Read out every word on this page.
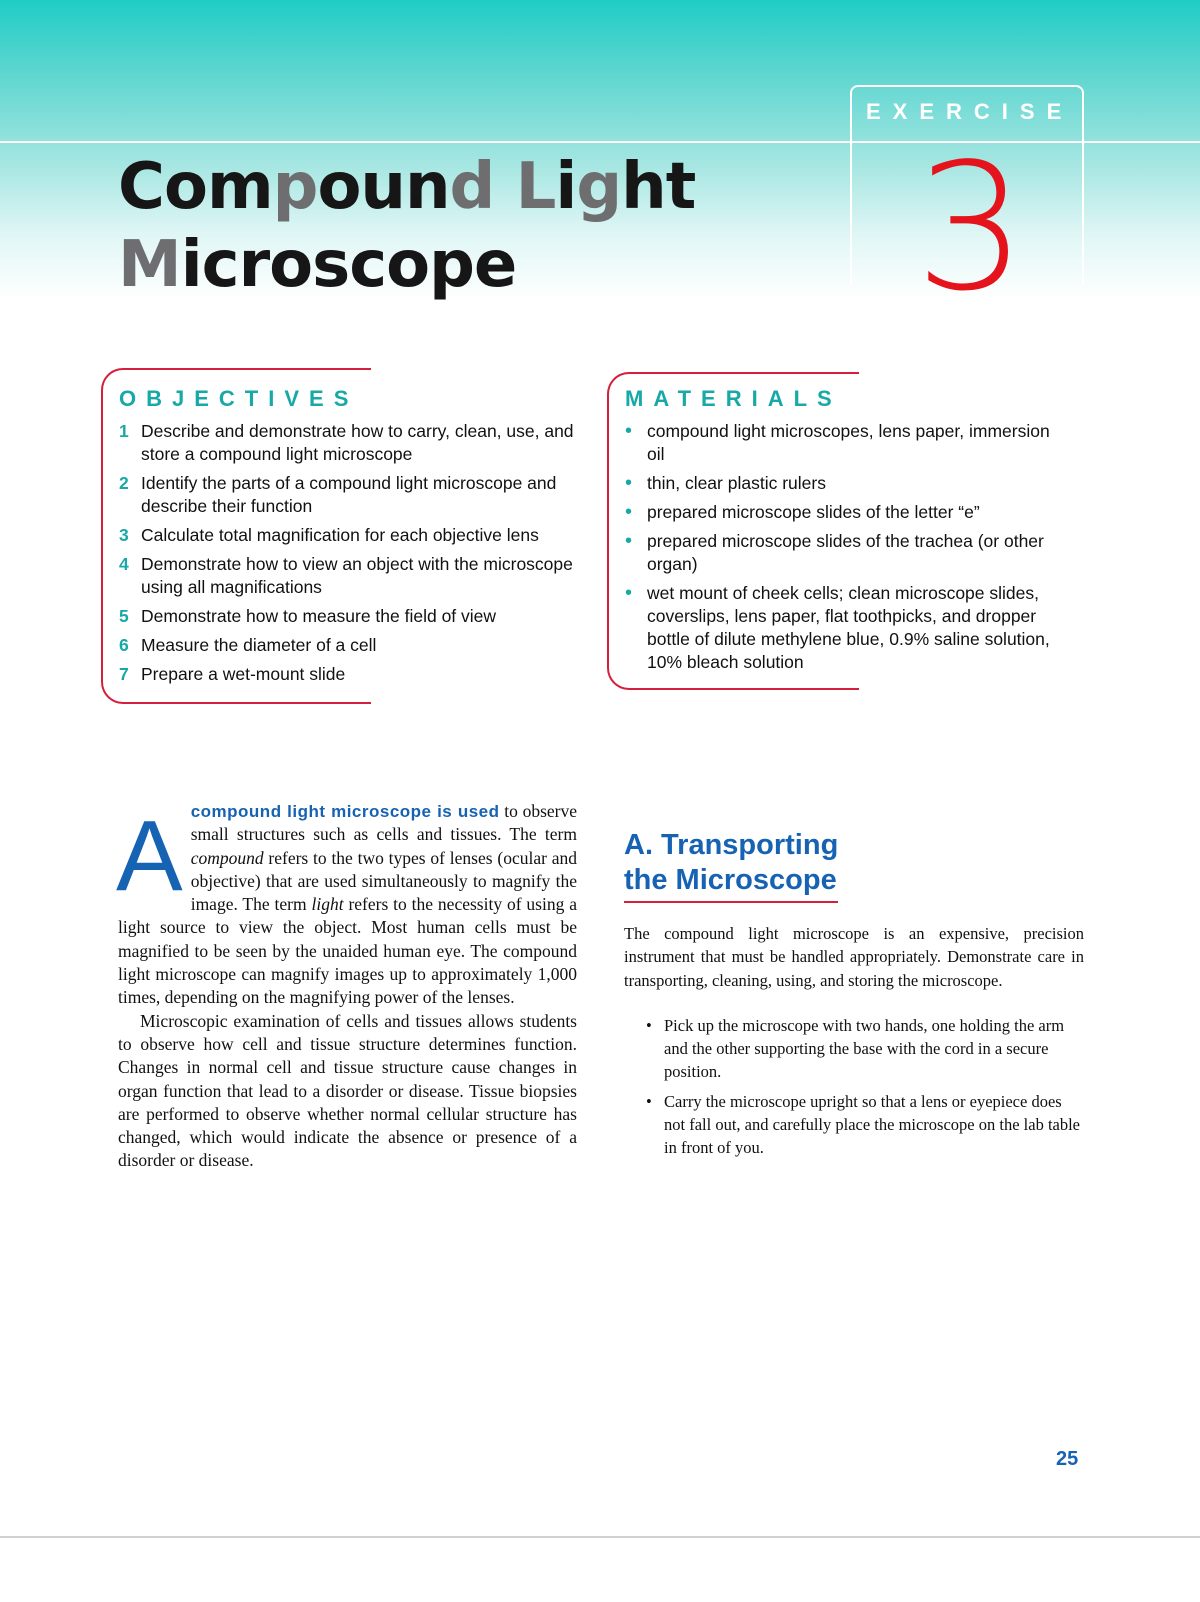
EXERCISE
3
Compound Light
Microscope
OBJECTIVES
1 Describe and demonstrate how to carry, clean, use, and store a compound light microscope
2 Identify the parts of a compound light microscope and describe their function
3 Calculate total magnification for each objective lens
4 Demonstrate how to view an object with the microscope using all magnifications
5 Demonstrate how to measure the field of view
6 Measure the diameter of a cell
7 Prepare a wet-mount slide
MATERIALS
• compound light microscopes, lens paper, immersion oil
• thin, clear plastic rulers
• prepared microscope slides of the letter “e”
• prepared microscope slides of the trachea (or other organ)
• wet mount of cheek cells; clean microscope slides, coverslips, lens paper, flat toothpicks, and dropper bottle of dilute methylene blue, 0.9% saline solution, 10% bleach solution

Acompound light microscope is used to observe small structures such as cells and tissues. The term compound refers to the two types of lenses (ocular and objective) that are used simultaneously to magnify the image. The term light refers to the necessity of using a light source to view the object. Most human cells must be magnified to be seen by the unaided human eye. The compound light microscope can magnify images up to approximately 1,000 times, depending on the magnifying power of the lenses.

Microscopic examination of cells and tissues allows students to observe how cell and tissue structure determines function. Changes in normal cell and tissue structure cause changes in organ function that lead to a disorder or disease. Tissue biopsies are performed to observe whether normal cellular structure has changed, which would indicate the absence or presence of a disorder or disease.

A. Transporting
the Microscope

The compound light microscope is an expensive, precision instrument that must be handled appropriately. Demonstrate care in transporting, cleaning, using, and storing the microscope.

• Pick up the microscope with two hands, one holding the arm and the other supporting the base with the cord in a secure position.
• Carry the microscope upright so that a lens or eyepiece does not fall out, and carefully place the microscope on the lab table in front of you.
25
